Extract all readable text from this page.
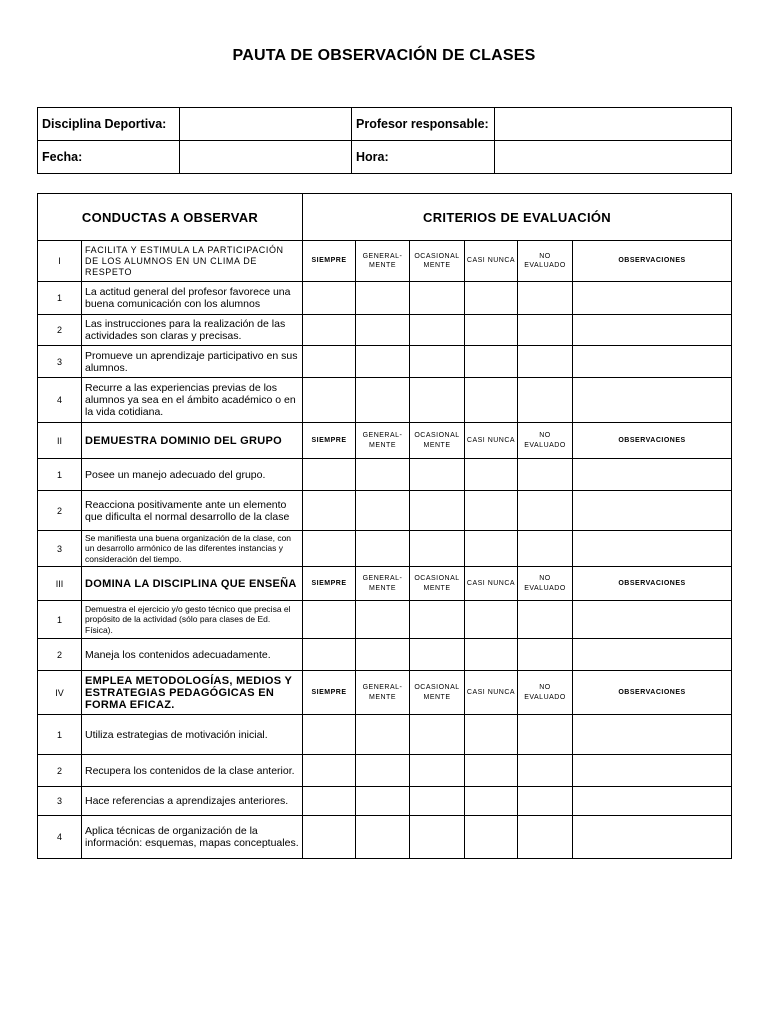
PAUTA DE OBSERVACIÓN DE CLASES
Disciplina Deportiva:		Profesor responsable:	
Fecha:		Hora:	
CONDUCTAS A OBSERVAR		CRITERIOS DE EVALUACIÓN					
I	FACILITA Y ESTIMULA LA PARTICIPACIÓN DE LOS ALUMNOS EN UN CLIMA DE RESPETO	SIEMPRE	GENERAL-MENTE	OCASIONAL MENTE	CASI NUNCA	NO EVALUADO	OBSERVACIONES
1	La actitud general del profesor favorece una buena comunicación con los alumnos						
2	Las instrucciones para la realización de las actividades son claras y precisas.						
3	Promueve un aprendizaje participativo en sus alumnos.						
4	Recurre a las experiencias previas de los alumnos ya sea en el ámbito académico o en la vida cotidiana.						
II	DEMUESTRA DOMINIO DEL GRUPO	SIEMPRE	GENERAL-MENTE	OCASIONAL MENTE	CASI NUNCA	NO EVALUADO	OBSERVACIONES
1	Posee un manejo adecuado del grupo.						
2	Reacciona positivamente ante un elemento que dificulta el normal desarrollo de la clase						
3	Se manifiesta una buena organización de la clase, con un desarrollo armónico de las diferentes instancias y consideración del tiempo.						
III	DOMINA LA DISCIPLINA QUE ENSEÑA	SIEMPRE	GENERAL-MENTE	OCASIONAL MENTE	CASI NUNCA	NO EVALUADO	OBSERVACIONES
1	Demuestra el ejercicio y/o gesto técnico que precisa el propósito de la actividad (sólo para clases de Ed. Física).						
2	Maneja los contenidos adecuadamente.						
IV	EMPLEA METODOLOGÍAS, MEDIOS Y ESTRATEGIAS PEDAGÓGICAS EN FORMA EFICAZ.	SIEMPRE	GENERAL-MENTE	OCASIONAL MENTE	CASI NUNCA	NO EVALUADO	OBSERVACIONES
1	Utiliza estrategias de motivación inicial.						
2	Recupera los contenidos de la clase anterior.						
3	Hace referencias a aprendizajes anteriores.						
4	Aplica técnicas de organización de la información: esquemas, mapas conceptuales.						
